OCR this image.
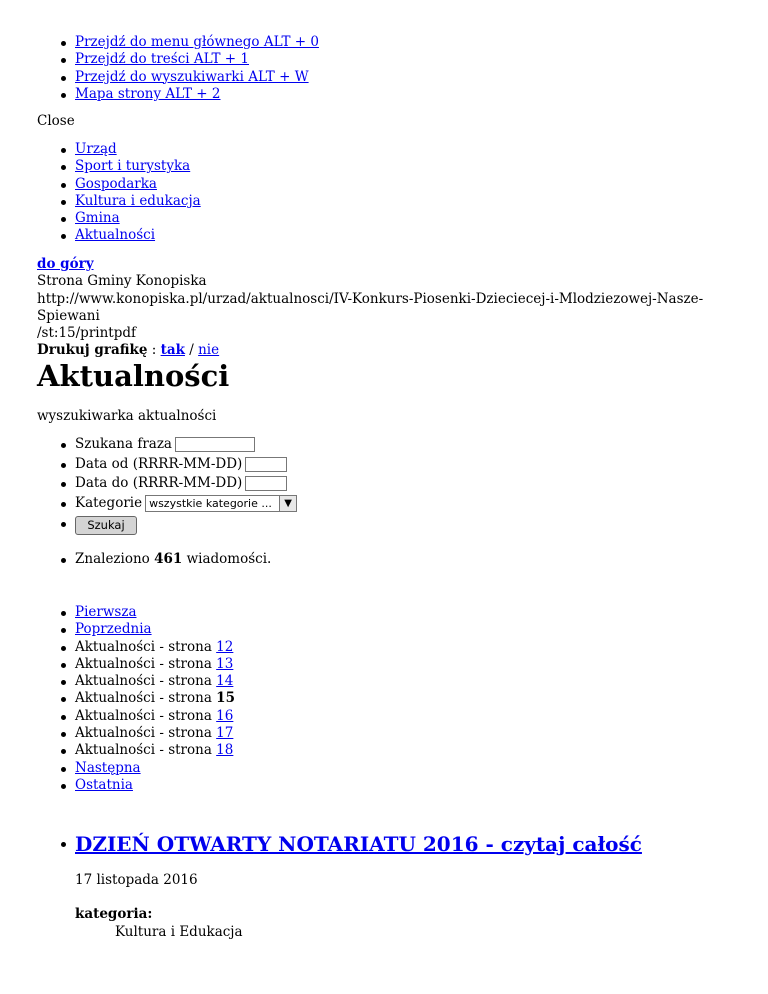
Przejdź do menu głównego ALT + 0
Przejdź do treści ALT + 1
Przejdź do wyszukiwarki ALT + W
Mapa strony ALT + 2
Close
Urząd
Sport i turystyka
Gospodarka
Kultura i edukacja
Gmina
Aktualności
do góry
Strona Gminy Konopiska
http://www.konopiska.pl/urzad/aktualnosci/IV-Konkurs-Piosenki-Dzieciecej-i-Mlodziezowej-Nasze-Spiewani
/st:15/printpdf
Drukuj grafikę : tak / nie
Aktualności
wyszukiwarka aktualności
Szukana fraza
Data od (RRRR-MM-DD)
Data do (RRRR-MM-DD)
Kategorie wszystkie kategorie ...	▼
Szukaj
Znaleziono 461 wiadomości.
Pierwsza
Poprzednia
Aktualności - strona 12
Aktualności - strona 13
Aktualności - strona 14
Aktualności - strona 15
Aktualności - strona 16
Aktualności - strona 17
Aktualności - strona 18
Następna
Ostatnia
DZIEŃ OTWARTY NOTARIATU 2016 - czytaj całość
17 listopada 2016
kategoria:
Kultura i Edukacja
